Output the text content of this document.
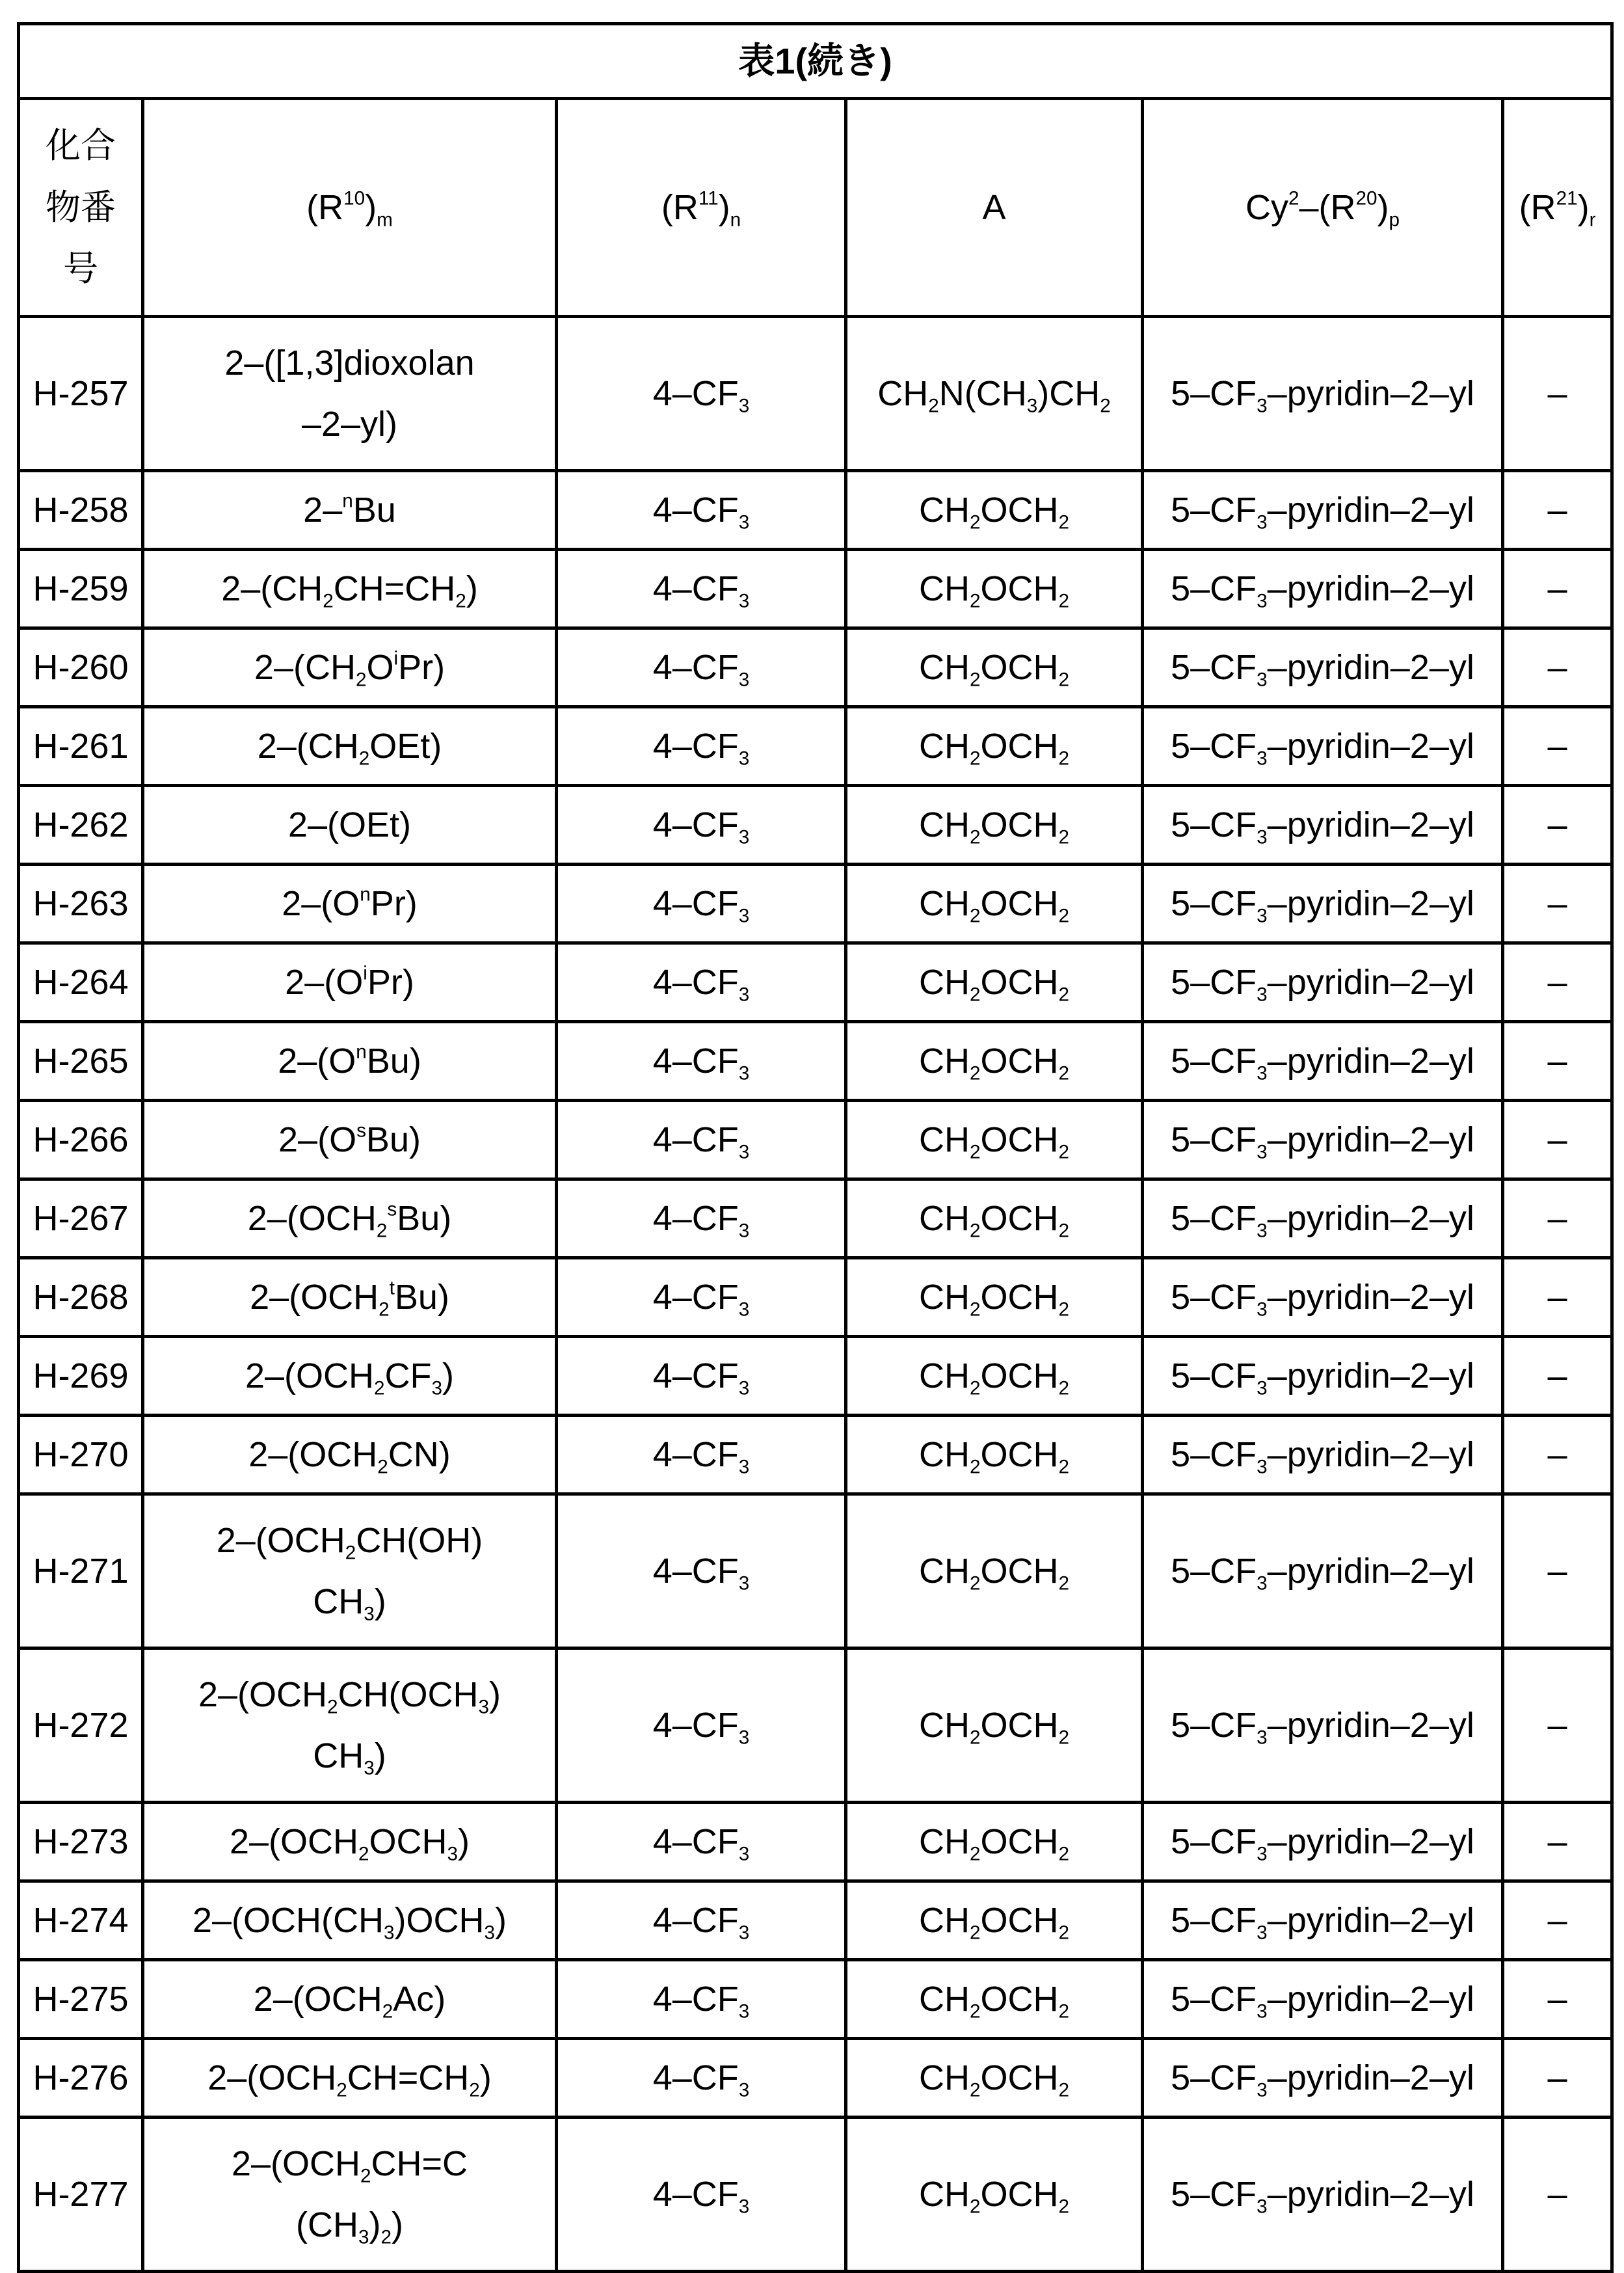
表1(続き)					
化合
物番
号	$(R^{10})_m$	$(R^{11})_n$	A	$Cy^2-(R^{20})_p$	$(R^{21})_r$
H-257	2–([1,3]dioxolan
–2–yl)	$4-CF_3$	$CH_2N(CH_3)CH_2$	$5-CF_3-pyridin-2-yl$	–
H-258	2–$^n$Bu	$4-CF_3$	$CH_2OCH_2$	$5-CF_3-pyridin-2-yl$	–
H-259	$2-(CH_2CH=CH_2)$	$4-CF_3$	$CH_2OCH_2$	$5-CF_3-pyridin-2-yl$	–
H-260	$2-(CH_2O^iPr)$	$4-CF_3$	$CH_2OCH_2$	$5-CF_3-pyridin-2-yl$	–
H-261	$2-(CH_2OEt)$	$4-CF_3$	$CH_2OCH_2$	$5-CF_3-pyridin-2-yl$	–
H-262	2–(OEt)	$4-CF_3$	$CH_2OCH_2$	$5-CF_3-pyridin-2-yl$	–
H-263	$2-(O^nPr)$	$4-CF_3$	$CH_2OCH_2$	$5-CF_3-pyridin-2-yl$	–
H-264	$2-(O^iPr)$	$4-CF_3$	$CH_2OCH_2$	$5-CF_3-pyridin-2-yl$	–
H-265	$2-(O^nBu)$	$4-CF_3$	$CH_2OCH_2$	$5-CF_3-pyridin-2-yl$	–
H-266	$2-(O^sBu)$	$4-CF_3$	$CH_2OCH_2$	$5-CF_3-pyridin-2-yl$	–
H-267	$2-(OCH_2^sBu)$	$4-CF_3$	$CH_2OCH_2$	$5-CF_3-pyridin-2-yl$	–
H-268	$2-(OCH_2^tBu)$	$4-CF_3$	$CH_2OCH_2$	$5-CF_3-pyridin-2-yl$	–
H-269	$2-(OCH_2CF_3)$	$4-CF_3$	$CH_2OCH_2$	$5-CF_3-pyridin-2-yl$	–
H-270	$2-(OCH_2CN)$	$4-CF_3$	$CH_2OCH_2$	$5-CF_3-pyridin-2-yl$	–
H-271	$2-(OCH_2CH(OH)$
$CH_3$)	$4-CF_3$	$CH_2OCH_2$	$5-CF_3-pyridin-2-yl$	–
H-272	$2-(OCH_2CH(OCH_3)$
$CH_3$)	$4-CF_3$	$CH_2OCH_2$	$5-CF_3-pyridin-2-yl$	–
H-273	$2-(OCH_2OCH_3)$	$4-CF_3$	$CH_2OCH_2$	$5-CF_3-pyridin-2-yl$	–
H-274	$2-(OCH(CH_3)OCH_3)$	$4-CF_3$	$CH_2OCH_2$	$5-CF_3-pyridin-2-yl$	–
H-275	$2-(OCH_2Ac)$	$4-CF_3$	$CH_2OCH_2$	$5-CF_3-pyridin-2-yl$	–
H-276	$2-(OCH_2CH=CH_2)$	$4-CF_3$	$CH_2OCH_2$	$5-CF_3-pyridin-2-yl$	–
H-277	$2-(OCH_2CH=C$
$(CH_3)_2$)	$4-CF_3$	$CH_2OCH_2$	$5-CF_3-pyridin-2-yl$	–
